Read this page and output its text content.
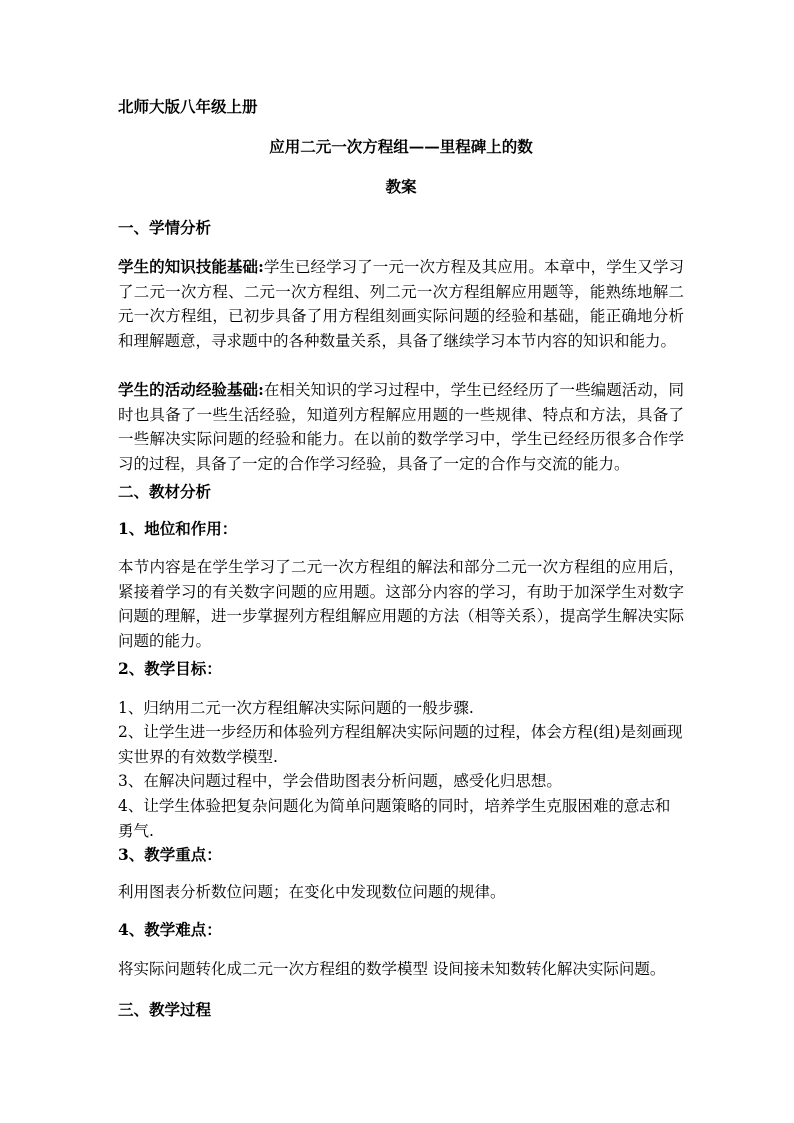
北师大版八年级上册
应用二元一次方程组——里程碑上的数
教案
一、学情分析
学生的知识技能基础:学生已经学习了一元一次方程及其应用。本章中，学生又学习了二元一次方程、二元一次方程组、列二元一次方程组解应用题等，能熟练地解二元一次方程组，已初步具备了用方程组刻画实际问题的经验和基础，能正确地分析和理解题意，寻求题中的各种数量关系，具备了继续学习本节内容的知识和能力。
学生的活动经验基础:在相关知识的学习过程中，学生已经经历了一些编题活动，同时也具备了一些生活经验，知道列方程解应用题的一些规律、特点和方法，具备了一些解决实际问题的经验和能力。在以前的数学学习中，学生已经经历很多合作学习的过程，具备了一定的合作学习经验，具备了一定的合作与交流的能力。
二、教材分析
1、地位和作用：
本节内容是在学生学习了二元一次方程组的解法和部分二元一次方程组的应用后，紧接着学习的有关数字问题的应用题。这部分内容的学习，有助于加深学生对数字问题的理解，进一步掌握列方程组解应用题的方法（相等关系），提高学生解决实际问题的能力。
2、教学目标：
1、归纳用二元一次方程组解决实际问题的一般步骤.
2、让学生进一步经历和体验列方程组解决实际问题的过程，体会方程(组)是刻画现实世界的有效数学模型.
3、在解决问题过程中，学会借助图表分析问题，感受化归思想。
4、让学生体验把复杂问题化为简单问题策略的同时，培养学生克服困难的意志和勇气.
3、教学重点：
利用图表分析数位问题；在变化中发现数位问题的规律。
4、教学难点：
将实际问题转化成二元一次方程组的数学模型 设间接未知数转化解决实际问题。
三、教学过程
